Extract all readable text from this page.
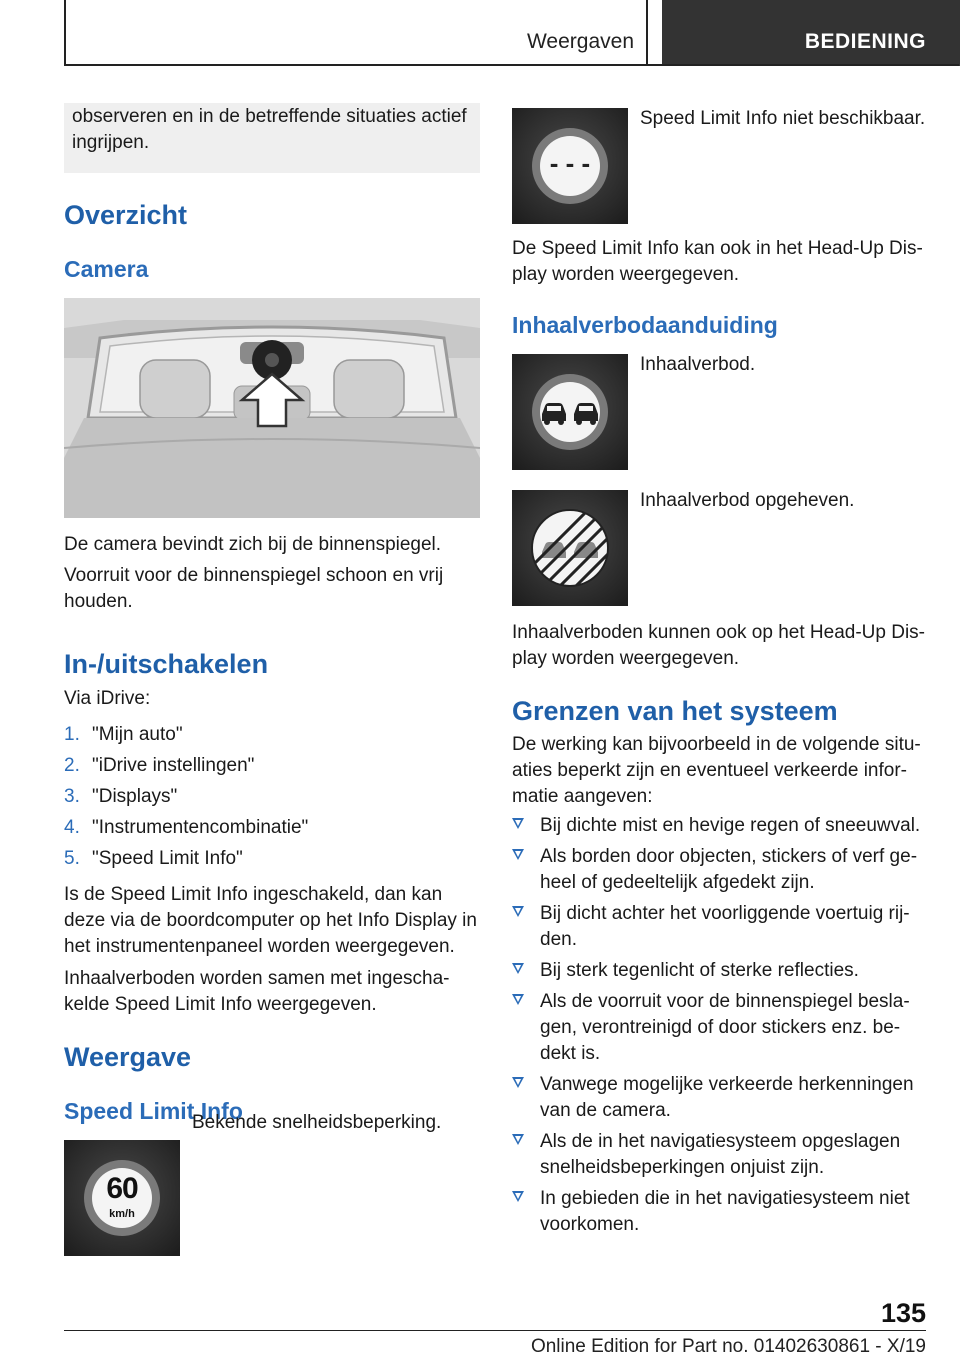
Weergaven	BEDIENING

observeren en in de betreffende situaties actief ingrijpen.

Overzicht
Camera
De camera bevindt zich bij de binnenspiegel.
Voorruit voor de binnenspiegel schoon en vrij houden.
In-/uitschakelen
Via iDrive:
1. "Mijn auto"
2. "iDrive instellingen"
3. "Displays"
4. "Instrumentencombinatie"
5. "Speed Limit Info"
Is de Speed Limit Info ingeschakeld, dan kan deze via de boordcomputer op het Info Display in het instrumentenpaneel worden weergegeven.
Inhaalverboden worden samen met ingescha-kelde Speed Limit Info weergegeven.
Weergave
Speed Limit Info
60
km/h
Bekende snelheidsbeperking.
- - -
Speed Limit Info niet beschikbaar.
De Speed Limit Info kan ook in het Head-Up Dis-play worden weergegeven.
Inhaalverbodaanduiding
Inhaalverbod.
Inhaalverbod opgeheven.
Inhaalverboden kunnen ook op het Head-Up Dis-play worden weergegeven.
Grenzen van het systeem
De werking kan bijvoorbeeld in de volgende situ-aties beperkt zijn en eventueel verkeerde infor-matie aangeven:
Bij dichte mist en hevige regen of sneeuwval.
Als borden door objecten, stickers of verf ge-heel of gedeeltelijk afgedekt zijn.
Bij dicht achter het voorliggende voertuig rij-den.
Bij sterk tegenlicht of sterke reflecties.
Als de voorruit voor de binnenspiegel besla-gen, verontreinigd of door stickers enz. be-dekt is.
Vanwege mogelijke verkeerde herkenningen van de camera.
Als de in het navigatiesysteem opgeslagen snelheidsbeperkingen onjuist zijn.
In gebieden die in het navigatiesysteem niet voorkomen.
135
Online Edition for Part no. 01402630861 - X/19
